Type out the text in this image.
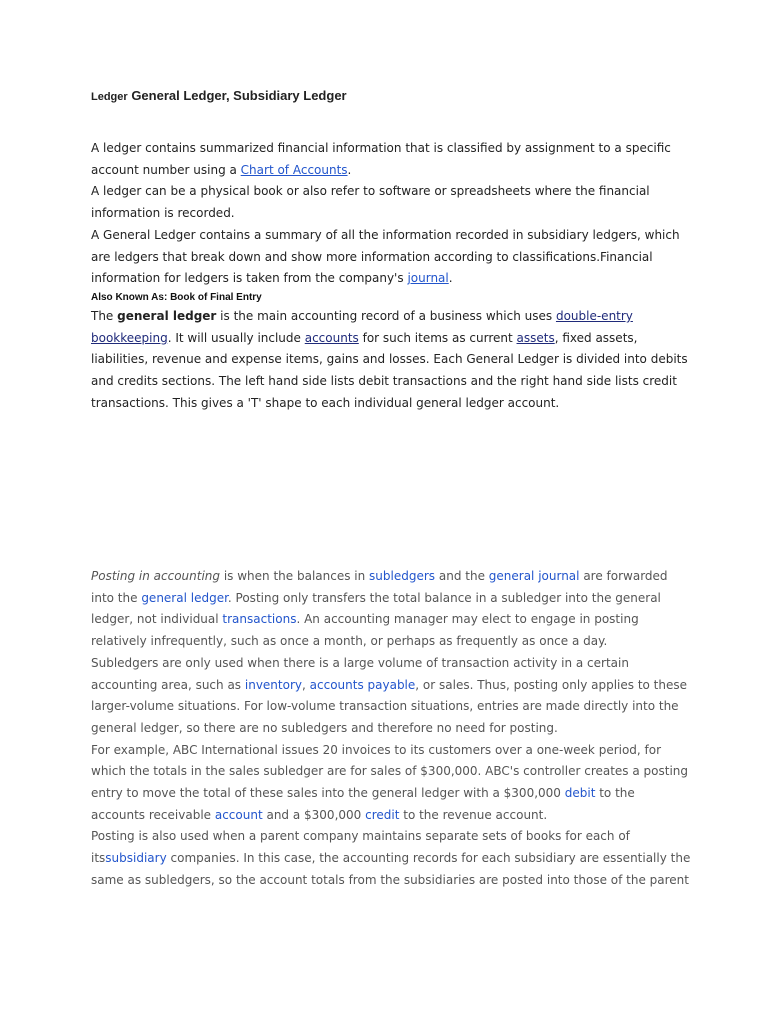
Ledger General Ledger, Subsidiary Ledger

A ledger contains summarized financial information that is classified by assignment to a specific account number using a Chart of Accounts.

A ledger can be a physical book or also refer to software or spreadsheets where the financial information is recorded.

A General Ledger contains a summary of all the information recorded in subsidiary ledgers, which are ledgers that break down and show more information according to classifications.Financial information for ledgers is taken from the company's journal.

Also Known As: Book of Final Entry

The general ledger is the main accounting record of a business which uses double-entry bookkeeping. It will usually include accounts for such items as current assets, fixed assets, liabilities, revenue and expense items, gains and losses. Each General Ledger is divided into debits and credits sections. The left hand side lists debit transactions and the right hand side lists credit transactions. This gives a 'T' shape to each individual general ledger account.

Posting in accounting is when the balances in subledgers and the general journal are forwarded into the general ledger. Posting only transfers the total balance in a subledger into the general ledger, not individual transactions. An accounting manager may elect to engage in posting relatively infrequently, such as once a month, or perhaps as frequently as once a day.

Subledgers are only used when there is a large volume of transaction activity in a certain accounting area, such as inventory, accounts payable, or sales. Thus, posting only applies to these larger-volume situations. For low-volume transaction situations, entries are made directly into the general ledger, so there are no subledgers and therefore no need for posting.

For example, ABC International issues 20 invoices to its customers over a one-week period, for which the totals in the sales subledger are for sales of $300,000. ABC's controller creates a posting entry to move the total of these sales into the general ledger with a $300,000 debit to the accounts receivable account and a $300,000 credit to the revenue account.

Posting is also used when a parent company maintains separate sets of books for each of itssubsidiary companies. In this case, the accounting records for each subsidiary are essentially the same as subledgers, so the account totals from the subsidiaries are posted into those of the parent
